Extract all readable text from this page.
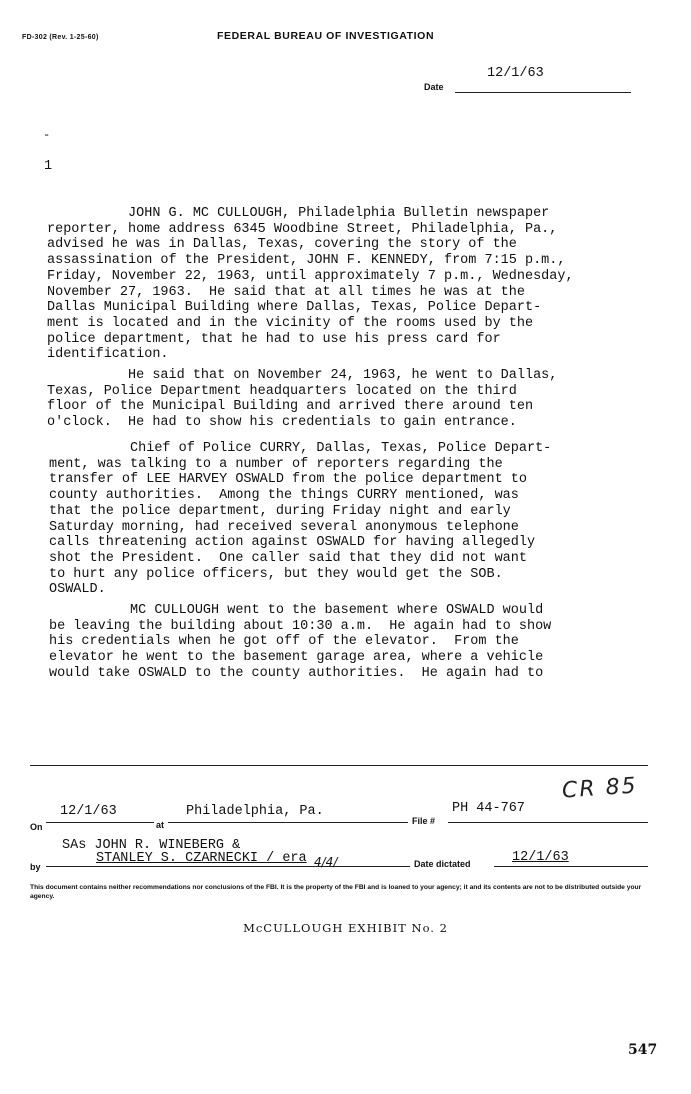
FD-302 (Rev. 1-25-60)	FEDERAL BUREAU OF INVESTIGATION
12/1/63
Date
-
1
JOHN G. MC CULLOUGH, Philadelphia Bulletin newspaper
reporter, home address 6345 Woodbine Street, Philadelphia, Pa.,
advised he was in Dallas, Texas, covering the story of the
assassination of the President, JOHN F. KENNEDY, from 7:15 p.m.,
Friday, November 22, 1963, until approximately 7 p.m., Wednesday,
November 27, 1963.  He said that at all times he was at the
Dallas Municipal Building where Dallas, Texas, Police Depart-
ment is located and in the vicinity of the rooms used by the
police department, that he had to use his press card for
identification.
He said that on November 24, 1963, he went to Dallas,
Texas, Police Department headquarters located on the third
floor of the Municipal Building and arrived there around ten
o'clock.  He had to show his credentials to gain entrance.
Chief of Police CURRY, Dallas, Texas, Police Depart-
ment, was talking to a number of reporters regarding the
transfer of LEE HARVEY OSWALD from the police department to
county authorities.  Among the things CURRY mentioned, was
that the police department, during Friday night and early
Saturday morning, had received several anonymous telephone
calls threatening action against OSWALD for having allegedly
shot the President.  One caller said that they did not want
to hurt any police officers, but they would get the SOB.
OSWALD.
MC CULLOUGH went to the basement where OSWALD would
be leaving the building about 10:30 a.m.  He again had to show
his credentials when he got off of the elevator.  From the
elevator he went to the basement garage area, where a vehicle
would take OSWALD to the county authorities.  He again had to
CR 85
On
12/1/63
at
Philadelphia, Pa.
File #
PH 44-767
SAs JOHN R. WINEBERG &
by
STANLEY S. CZARNECKI / era	Date dictated	12/1/63
4/4/
This document contains neither recommendations nor conclusions of the FBI. It is the property of the FBI and is loaned to your agency; it and its contents are not to be distributed outside your agency.
McCULLOUGH EXHIBIT No. 2
547
